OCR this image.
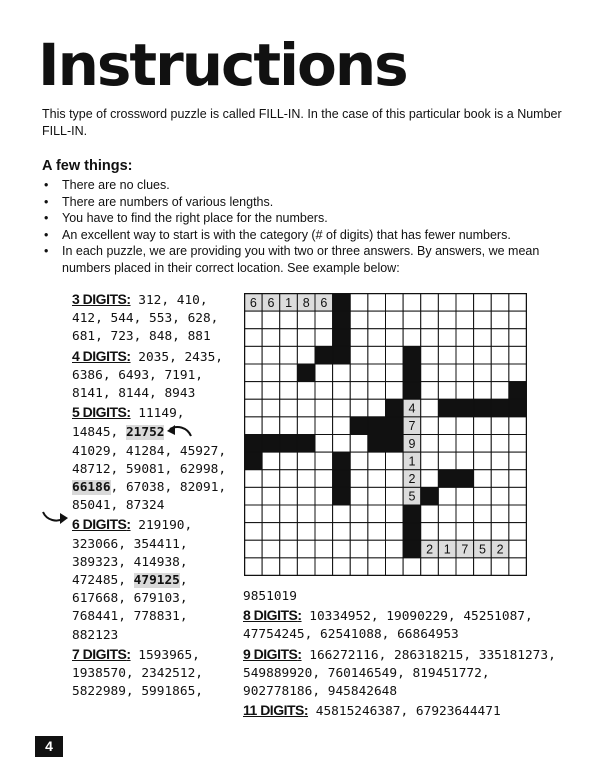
Instructions

This type of crossword puzzle is called FILL-IN. In the case of this particular book is a Number FILL-IN.

A few things:
• There are no clues.
• There are numbers of various lengths.
• You have to find the right place for the numbers.
• An excellent way to start is with the category (# of digits) that has fewer numbers.
• In each puzzle, we are providing you with two or three answers. By answers, we mean numbers placed in their correct location. See example below:
3 DIGITS: 312, 410, 412, 544, 553, 628, 681, 723, 848, 881
4 DIGITS: 2035, 2435, 6386, 6493, 7191, 8141, 8144, 8943
5 DIGITS: 11149, 14845, 21752 41029, 41284, 45927, 48712, 59081, 62998, 66186, 67038, 82091, 85041, 87324
6 DIGITS: 219190, 323066, 354411, 389323, 414938, 472485, 479125, 617668, 679103, 768441, 778831, 882123
7 DIGITS: 1593965, 1938570, 2342512, 5822989, 5991865,
6 6 1 8 6
4
7
9
1
2
5
2 1 7 5 2
9851019
8 DIGITS: 10334952, 19090229, 45251087, 47754245, 62541088, 66864953
9 DIGITS: 166272116, 286318215, 335181273, 549889920, 760146549, 819451772, 902778186, 945842648
11 DIGITS: 45815246387, 67923644471
4
